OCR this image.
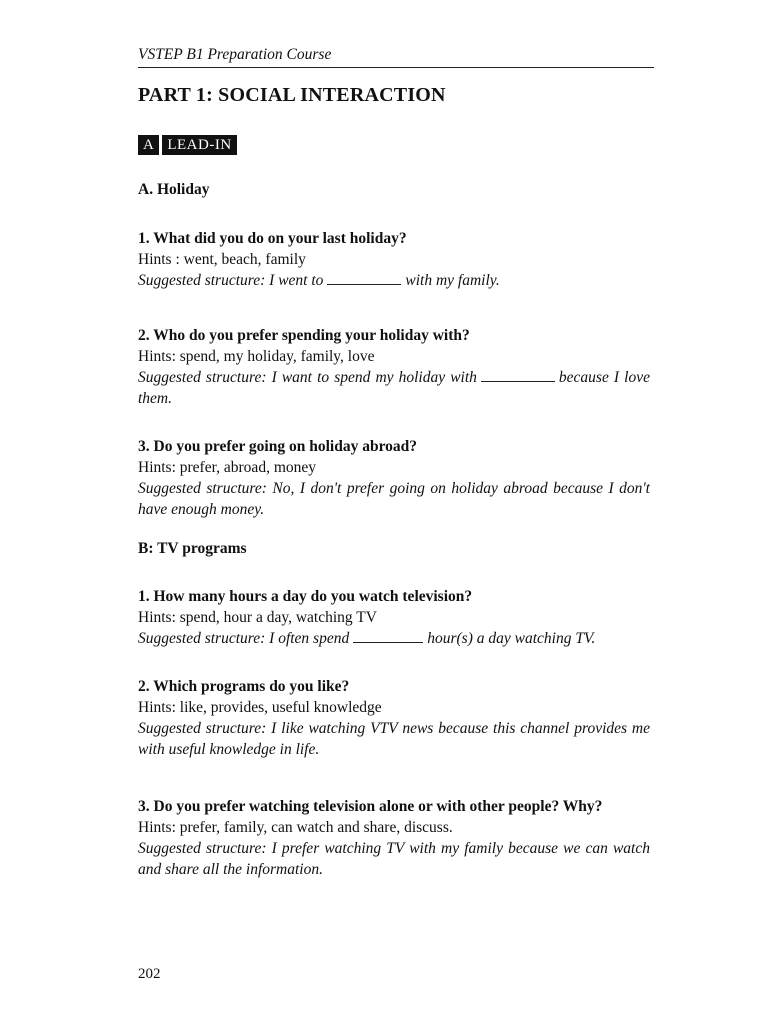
VSTEP B1 Preparation Course
PART 1: SOCIAL INTERACTION
A LEAD-IN
A. Holiday
1. What did you do on your last holiday?
Hints : went, beach, family
Suggested structure: I went to	with my family.
2. Who do you prefer spending your holiday with?
Hints: spend, my holiday, family, love
Suggested structure: I want to spend my holiday with	because I love them.
3. Do you prefer going on holiday abroad?
Hints: prefer, abroad, money
Suggested structure: No, I don't prefer going on holiday abroad because I don't have enough money.
B: TV programs
1. How many hours a day do you watch television?
Hints: spend, hour a day, watching TV
Suggested structure: I often spend	hour(s) a day watching TV.
2. Which programs do you like?
Hints: like, provides, useful knowledge
Suggested structure: I like watching VTV news because this channel provides me with useful knowledge in life.
3. Do you prefer watching television alone or with other people? Why?
Hints: prefer, family, can watch and share, discuss.
Suggested structure: I prefer watching TV with my family because we can watch and share all the information.
202
